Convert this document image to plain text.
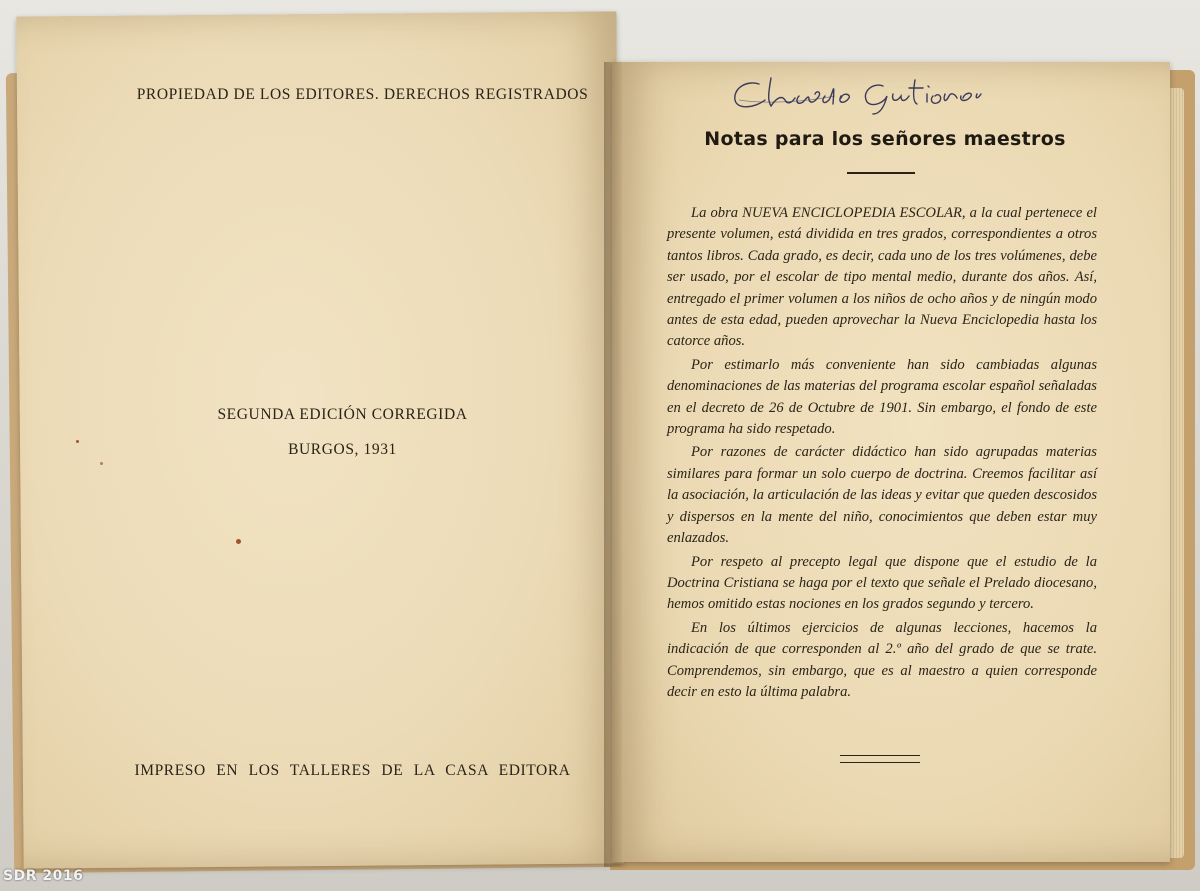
PROPIEDAD DE LOS EDITORES. DERECHOS REGISTRADOS
SEGUNDA EDICIÓN CORREGIDA
BURGOS, 1931
IMPRESO EN LOS TALLERES DE LA CASA EDITORA
Notas para los señores maestros

La obra NUEVA ENCICLOPEDIA ESCOLAR, a la cual pertenece el presente volumen, está dividida en tres grados, correspondientes a otros tantos libros. Cada grado, es decir, cada uno de los tres volúmenes, debe ser usado, por el escolar de tipo mental medio, durante dos años. Así, entregado el primer volumen a los niños de ocho años y de ningún modo antes de esta edad, pueden aprovechar la Nueva Enciclopedia hasta los catorce años.

Por estimarlo más conveniente han sido cambiadas algunas denominaciones de las materias del programa escolar español señaladas en el decreto de 26 de Octubre de 1901. Sin embargo, el fondo de este programa ha sido respetado.

Por razones de carácter didáctico han sido agrupadas materias similares para formar un solo cuerpo de doctrina. Creemos facilitar así la asociación, la articulación de las ideas y evitar que queden descosidos y dispersos en la mente del niño, conocimientos que deben estar muy enlazados.

Por respeto al precepto legal que dispone que el estudio de la Doctrina Cristiana se haga por el texto que señale el Prelado diocesano, hemos omitido estas nociones en los grados segundo y tercero.

En los últimos ejercicios de algunas lecciones, hacemos la indicación de que corresponden al 2.º año del grado de que se trate. Comprendemos, sin embargo, que es al maestro a quien corresponde decir en esto la última palabra.

SDR 2016
